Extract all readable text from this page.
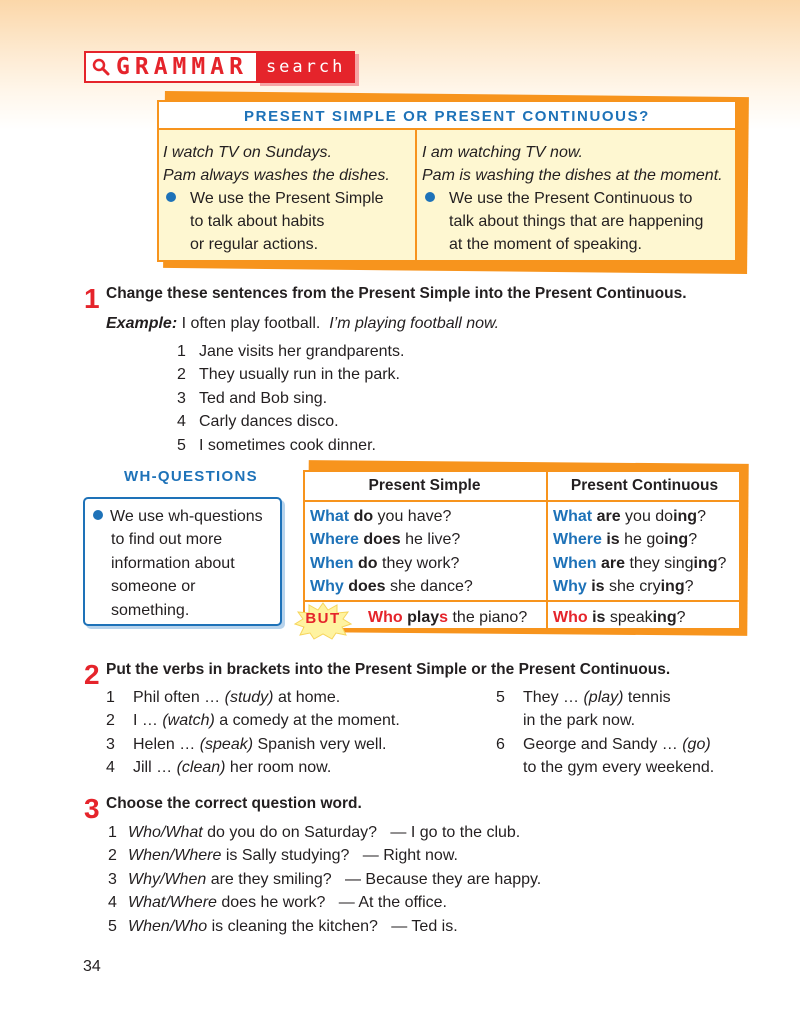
GRAMMAR	search
PRESENT SIMPLE OR PRESENT CONTINUOUS?
I watch TV on Sundays.
Pam always washes the dishes.
We use the Present Simple
to talk about habits
or regular actions.
I am watching TV now.
Pam is washing the dishes at the moment.
We use the Present Continuous to
talk about things that are happening
at the moment of speaking.
1 Change these sentences from the Present Simple into the Present Continuous.
Example: I often play football. I’m playing football now.
1 Jane visits her grandparents.
2 They usually run in the park.
3 Ted and Bob sing.
4 Carly dances disco.
5 I sometimes cook dinner.
WH-QUESTIONS
We use wh-questions
to find out more
information about
someone or
something.
Present Simple	Present Continuous
What do you have?
Where does he live?
When do they work?
Why does she dance?
What are you doing?
Where is he going?
When are they singing?
Why is she crying?
Who plays the piano? Who is speaking?
BUT
2 Put the verbs in brackets into the Present Simple or the Present Continuous.
1 Phil often … (study) at home.
2 I … (watch) a comedy at the moment.
3 Helen … (speak) Spanish very well.
4 Jill … (clean) her room now.
5 They … (play) tennis
in the park now.
6 George and Sandy … (go)
to the gym every weekend.
3 Choose the correct question word.
1 Who/What do you do on Saturday? — I go to the club.
2 When/Where is Sally studying? — Right now.
3 Why/When are they smiling? — Because they are happy.
4 What/Where does he work? — At the office.
5 When/Who is cleaning the kitchen? — Ted is.
34
